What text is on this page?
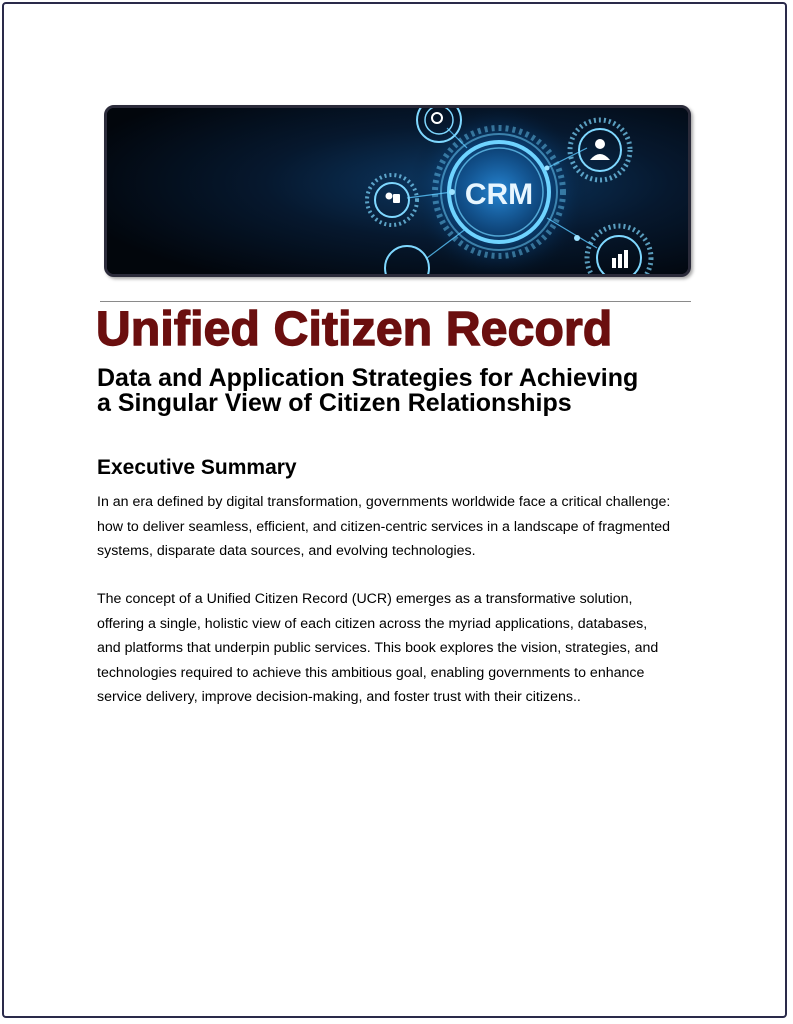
CRM
Unified Citizen Record
Data and Application Strategies for Achieving
a Singular View of Citizen Relationships
Executive Summary
In an era defined by digital transformation, governments worldwide face a critical challenge:
how to deliver seamless, efficient, and citizen-centric services in a landscape of fragmented
systems, disparate data sources, and evolving technologies.
The concept of a Unified Citizen Record (UCR) emerges as a transformative solution,
offering a single, holistic view of each citizen across the myriad applications, databases,
and platforms that underpin public services. This book explores the vision, strategies, and
technologies required to achieve this ambitious goal, enabling governments to enhance
service delivery, improve decision-making, and foster trust with their citizens..
